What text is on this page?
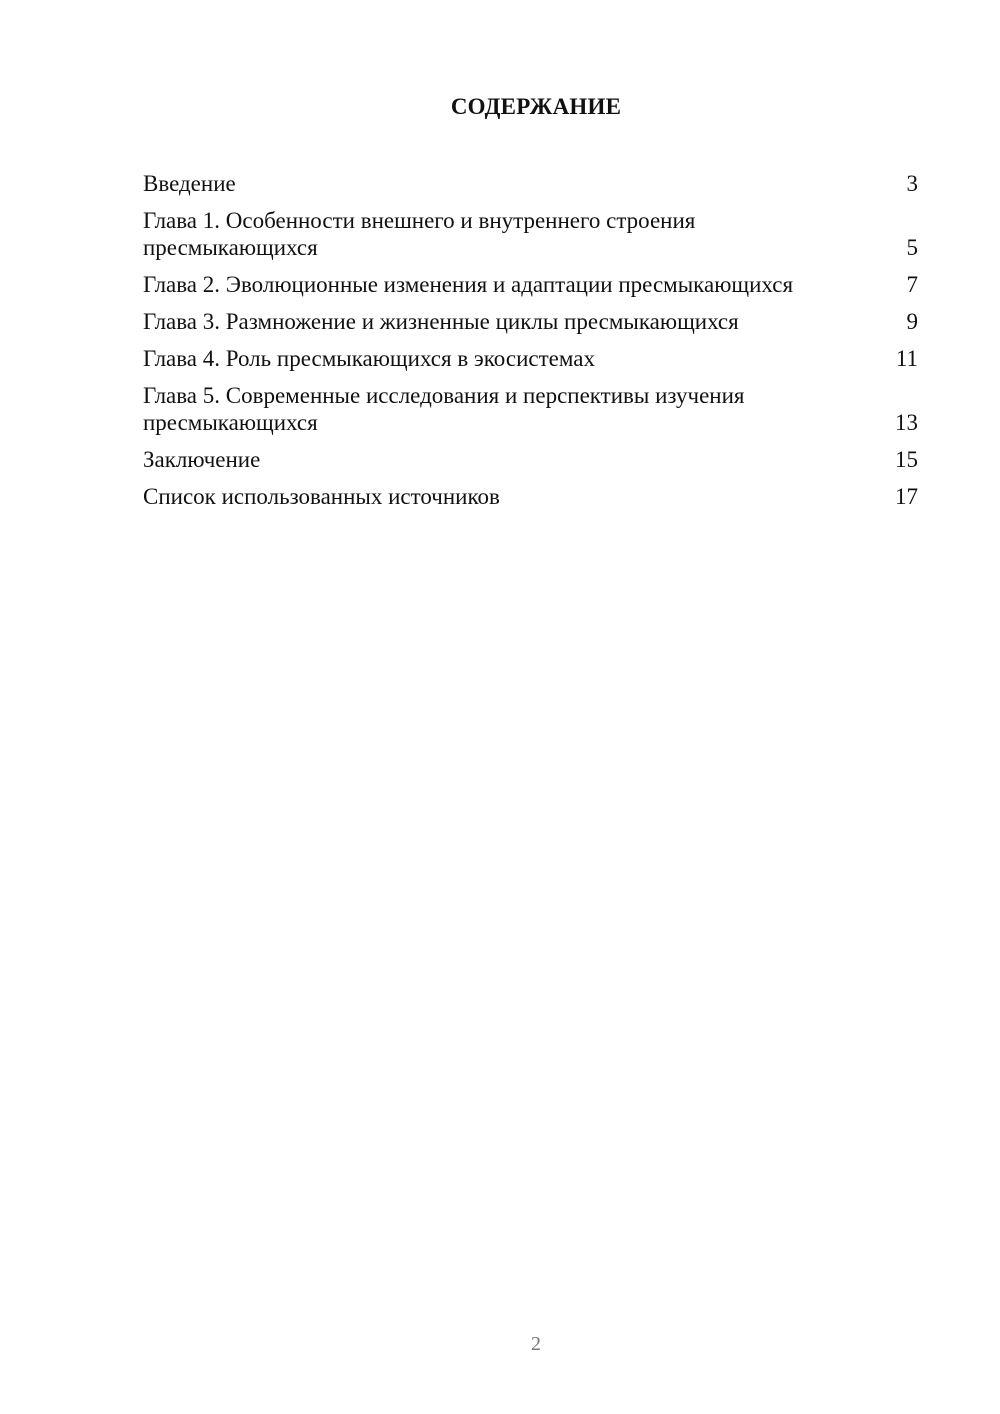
СОДЕРЖАНИЕ
Введение	3
Глава 1. Особенности внешнего и внутреннего строения пресмыкающихся	5
Глава 2. Эволюционные изменения и адаптации пресмыкающихся	7
Глава 3. Размножение и жизненные циклы пресмыкающихся	9
Глава 4. Роль пресмыкающихся в экосистемах	11
Глава 5. Современные исследования и перспективы изучения пресмыкающихся	13
Заключение	15
Список использованных источников	17
2
